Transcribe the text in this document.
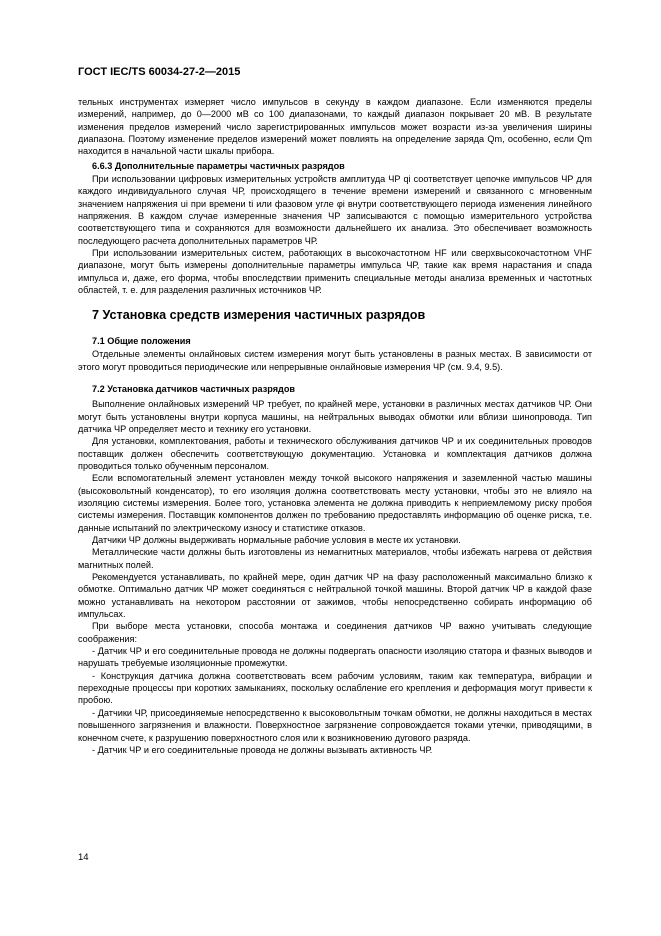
ГОСТ IEC/TS 60034-27-2—2015

тельных инструментах измеряет число импульсов в секунду в каждом диапазоне. Если изменяются пределы измерений, например, до 0—2000 мВ со 100 диапазонами, то каждый диапазон покрывает 20 мВ. В результате изменения пределов измерений число зарегистрированных импульсов может возрасти из-за увеличения ширины диапазона. Поэтому изменение пределов измерений может повлиять на определение заряда Qm, особенно, если Qm находится в начальной части шкалы прибора.

6.6.3 Дополнительные параметры частичных разрядов

При использовании цифровых измерительных устройств амплитуда ЧР qi соответствует цепочке импульсов ЧР для каждого индивидуального случая ЧР, происходящего в течение времени измерений и связанного с мгновенным значением напряжения ui при времени ti или фазовом угле φi внутри соответствующего периода изменения линейного напряжения. В каждом случае измеренные значения ЧР записываются с помощью измерительного устройства соответствующего типа и сохраняются для возможности дальнейшего их анализа. Это обеспечивает возможность последующего расчета дополнительных параметров ЧР.

При использовании измерительных систем, работающих в высокочастотном HF или сверхвысокочастотном VHF диапазоне, могут быть измерены дополнительные параметры импульса ЧР, такие как время нарастания и спада импульса и, даже, его форма, чтобы впоследствии применить специальные методы анализа временных и частотных областей, т. е. для разделения различных источников ЧР.

7 Установка средств измерения частичных разрядов

7.1 Общие положения

Отдельные элементы онлайновых систем измерения могут быть установлены в разных местах. В зависимости от этого могут проводиться периодические или непрерывные онлайновые измерения ЧР (см. 9.4, 9.5).

7.2 Установка датчиков частичных разрядов

Выполнение онлайновых измерений ЧР требует, по крайней мере, установки в различных местах датчиков ЧР. Они могут быть установлены внутри корпуса машины, на нейтральных выводах обмотки или вблизи шинопровода. Тип датчика ЧР определяет место и технику его установки.

Для установки, комплектования, работы и технического обслуживания датчиков ЧР и их соединительных проводов поставщик должен обеспечить соответствующую документацию. Установка и комплектация датчиков должна проводиться только обученным персоналом.

Если вспомогательный элемент установлен между точкой высокого напряжения и заземленной частью машины (высоковольтный конденсатор), то его изоляция должна соответствовать месту установки, чтобы это не влияло на изоляцию системы измерения. Более того, установка элемента не должна приводить к неприемлемому риску пробоя системы измерения. Поставщик компонентов должен по требованию предоставлять информацию об оценке риска, т.е. данные испытаний по электрическому износу и статистике отказов.

Датчики ЧР должны выдерживать нормальные рабочие условия в месте их установки.

Металлические части должны быть изготовлены из немагнитных материалов, чтобы избежать нагрева от действия магнитных полей.

Рекомендуется устанавливать, по крайней мере, один датчик ЧР на фазу расположенный максимально близко к обмотке. Оптимально датчик ЧР может соединяться с нейтральной точкой машины. Второй датчик ЧР в каждой фазе можно устанавливать на некотором расстоянии от зажимов, чтобы непосредственно собирать информацию об импульсах.

При выборе места установки, способа монтажа и соединения датчиков ЧР важно учитывать следующие соображения:

- Датчик ЧР и его соединительные провода не должны подвергать опасности изоляцию статора и фазных выводов и нарушать требуемые изоляционные промежутки.

- Конструкция датчика должна соответствовать всем рабочим условиям, таким как температура, вибрации и переходные процессы при коротких замыканиях, поскольку ослабление его крепления и деформация могут привести к пробою.

- Датчики ЧР, присоединяемые непосредственно к высоковольтным точкам обмотки, не должны находиться в местах повышенного загрязнения и влажности. Поверхностное загрязнение сопровождается токами утечки, приводящими, в конечном счете, к разрушению поверхностного слоя или к возникновению дугового разряда.

- Датчик ЧР и его соединительные провода не должны вызывать активность ЧР.

14
